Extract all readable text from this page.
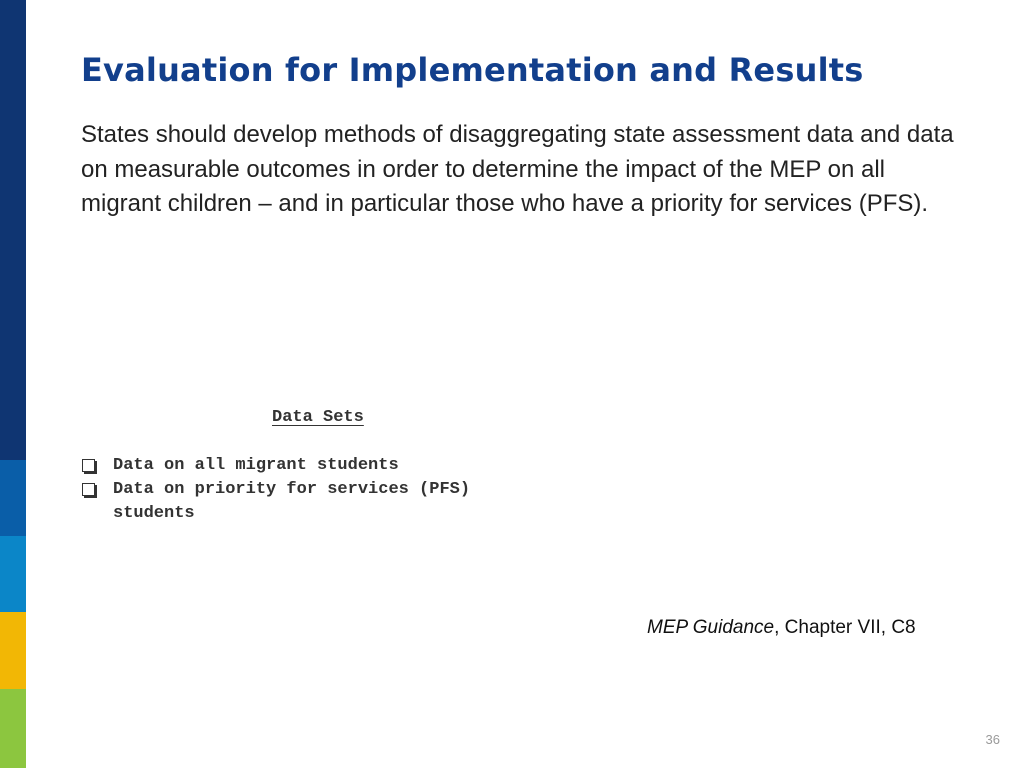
Evaluation for Implementation and Results

States should develop methods of disaggregating state assessment data and data on measurable outcomes in order to determine the impact of the MEP on all migrant children – and in particular those who have a priority for services (PFS).

Data Sets

Data on all migrant students
Data on priority for services (PFS) students

MEP Guidance, Chapter VII, C8

36
